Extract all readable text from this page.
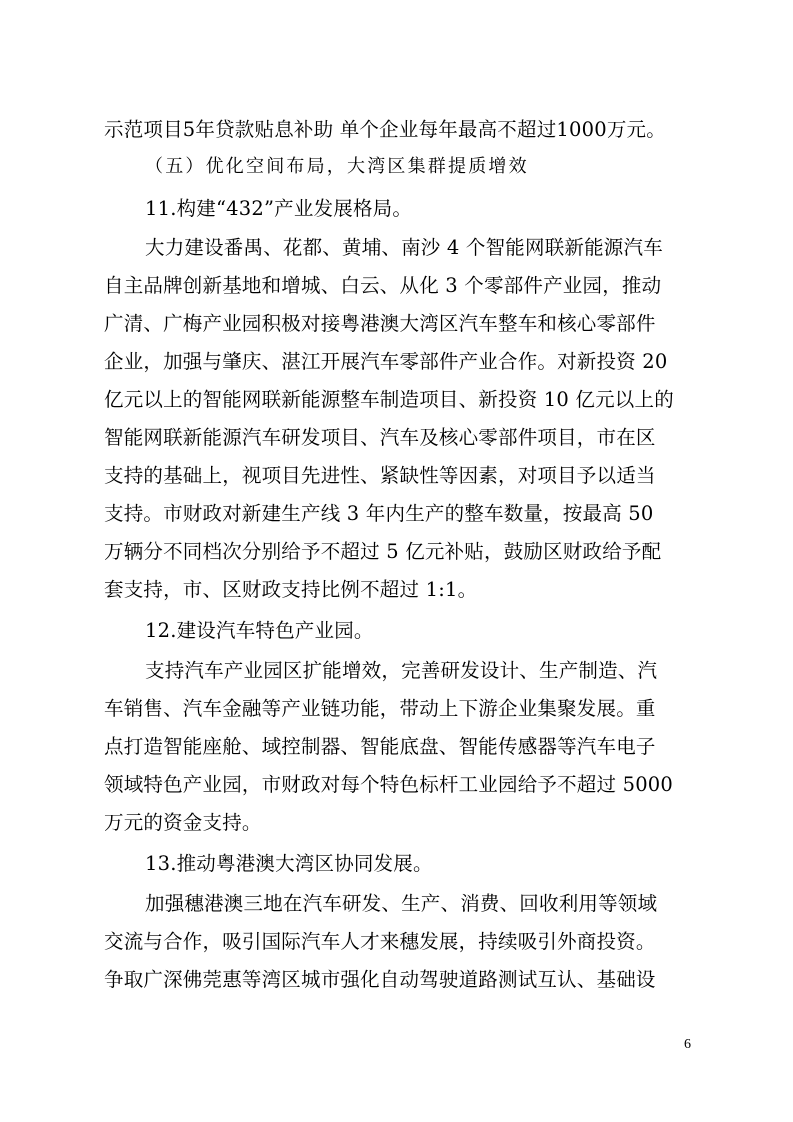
示范项目5年贷款贴息补助 单个企业每年最高不超过1000万元。
（五）优化空间布局，大湾区集群提质增效
11.构建“432”产业发展格局。
大力建设番禺、花都、黄埔、南沙 4 个智能网联新能源汽车
自主品牌创新基地和增城、白云、从化 3 个零部件产业园，推动
广清、广梅产业园积极对接粤港澳大湾区汽车整车和核心零部件
企业，加强与肇庆、湛江开展汽车零部件产业合作。对新投资 20
亿元以上的智能网联新能源整车制造项目、新投资 10 亿元以上的
智能网联新能源汽车研发项目、汽车及核心零部件项目，市在区
支持的基础上，视项目先进性、紧缺性等因素，对项目予以适当
支持。市财政对新建生产线 3 年内生产的整车数量，按最高 50
万辆分不同档次分别给予不超过 5 亿元补贴，鼓励区财政给予配
套支持，市、区财政支持比例不超过 1:1。
12.建设汽车特色产业园。
支持汽车产业园区扩能增效，完善研发设计、生产制造、汽
车销售、汽车金融等产业链功能，带动上下游企业集聚发展。重
点打造智能座舱、域控制器、智能底盘、智能传感器等汽车电子
领域特色产业园，市财政对每个特色标杆工业园给予不超过 5000
万元的资金支持。
13.推动粤港澳大湾区协同发展。
加强穗港澳三地在汽车研发、生产、消费、回收利用等领域
交流与合作，吸引国际汽车人才来穗发展，持续吸引外商投资。
争取广深佛莞惠等湾区城市强化自动驾驶道路测试互认、基础设
6
